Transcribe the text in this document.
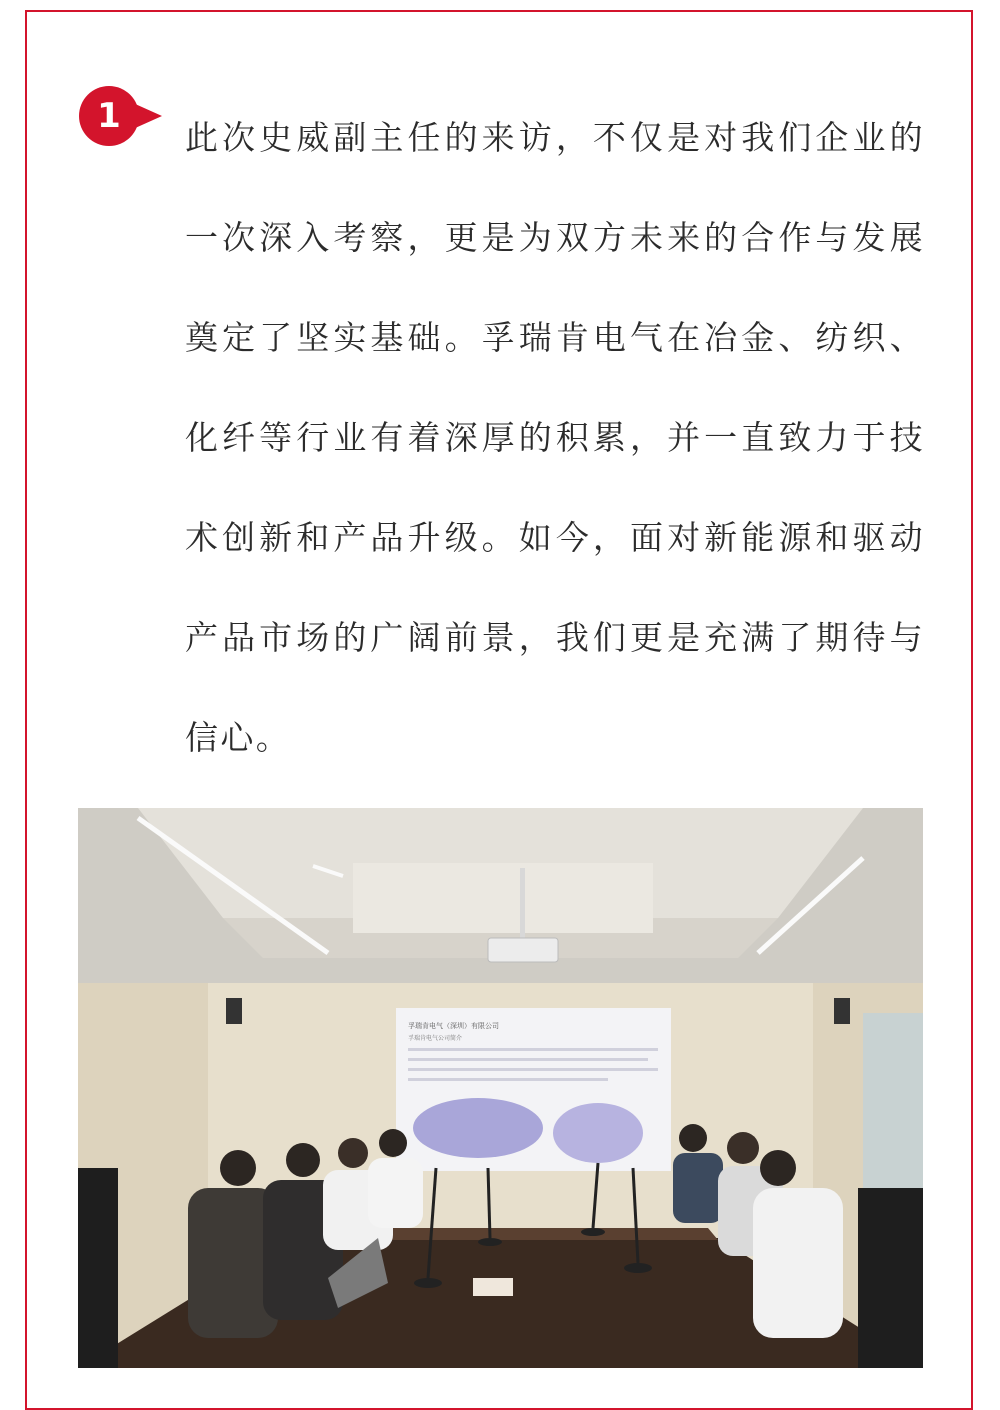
1

此次史威副主任的来访，不仅是对我们企业的一次深入考察，更是为双方未来的合作与发展奠定了坚实基础。孚瑞肯电气在冶金、纺织、化纤等行业有着深厚的积累，并一直致力于技术创新和产品升级。如今，面对新能源和驱动产品市场的广阔前景，我们更是充满了期待与信心。

孚瑞肯电气（深圳）有限公司
孚瑞肯电气公司简介
